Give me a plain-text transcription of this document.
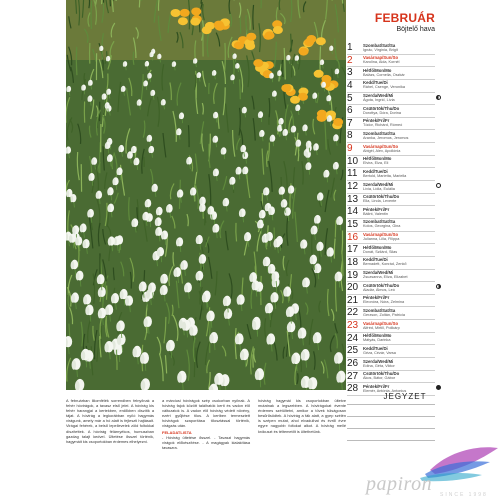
FEBRUÁR
Böjtelő hava
1	Szombat/Sat/Sa
Ignác, Virginia, Brigit
2	Vasárnap/Sun/So
Karolina, Aida, Kornél
3	Hétfő/Mon/Mo
Balázs, Cornelia, Oszkár
4	Kedd/Tue/Di
Ráhel, Csenge, Veronika
5	Szerda/Wed/Mi
Ágota, Ingrid, Lívia
6	Csütörtök/Thu/Do
Dorottya, Dóra, Dorina
7	Péntek/Fri/Fr
Tódor, Richárd, Rómeó
8	Szombat/Sat/Sa
Aranka, Jeromos, Jeromos
9	Vasárnap/Sun/So
Abigél, Alex, Apollónia
10	Hétfő/Mon/Mo
Elvira, Elza, Eli
11	Kedd/Tue/Di
Bertold, Marietta, Mariella
12	Szerda/Wed/Mi
Lívia, Lídia, Eulália
13	Csütörtök/Thu/Do
Ella, Linda, Levente
14	Péntek/Fri/Fr
Bálint, Valentin
15	Szombat/Sat/Sa
Kolos, Georgina, Gina
16	Vasárnap/Sun/So
Julianna, Lilla, Filippa
17	Hétfő/Mon/Mo
Donát, Szilárd, Silas
18	Kedd/Tue/Di
Bernadett, Konrád, Zenkő
19	Szerda/Wed/Mi
Zsuzsanna, Eliza, Elizabet
20	Csütörtök/Thu/Do
Aladár, Álmos, Leó
21	Péntek/Fri/Fr
Eleonóra, Nóra, Zelmina
22	Szombat/Sat/Sa
Gerzson, Zoltán, Patrícia
23	Vasárnap/Sun/So
Alfréd, Mirtill, Polikárp
24	Hétfő/Mon/Mo
Mátyás, Darinka
25	Kedd/Tue/Di
Géza, Cézár, Varsa
26	Szerda/Wed/Mi
Edina, Géta, Viktor
27	Csütörtök/Thu/Do
Ákos, Bátor, Gábor
28	Péntek/Fri/Fr
Elemér, Antónia, Antonius
JEGYZET

A februárban liliomfélék sorrendben felnyílnak a fehér hóvirágok, a tavasz első jelei. A hóvirág kis fehér harangjai a kertekben, erdőkben díszítik a tájat. A hóvirág a legkorábban nyíló hagymás virágunk, amely már a hó alatt is fejleszti hajtásait. Virágai fehérek, a belső lepellevelek zöld foltokkal díszítettek. A hóvirág félárnyékos, humuszban gazdag talajt kedvel. Ültetése ősszel történik, hagymáit kis csoportokban érdemes elhelyezni.

a márciusi hóvirágok szép csokorban nyílnak. A hóvirág fajok között találhatók kerti és vadon élő változatok is. A vadon élő hóvirág védett növény, ezért gyűjtése tilos. A kertben termesztett hóvirágok szaporítása tőosztással történik, virágzás után.

FELADATLISTA

- Hóvirág ültetése ősszel. - Tavaszi hagymás virágok előkészítése. - A magágyak kialakítása tavaszra.

hóvirág hagymái kis csoportokban ültetve mutatnak a legszebben. A hóvirágokat évente érdemes szétültetni, amikor a tövek túlságosan besűrűsödtek. A hóvirág a fák alatt, a gyep szélén is szépen mutat, ahol elvadulhat és évről évre egyre nagyobb foltokat alkot. A hóvirág mellé krókuszt és téltemetőt is ültethetünk.

papiron SINCE 1998
